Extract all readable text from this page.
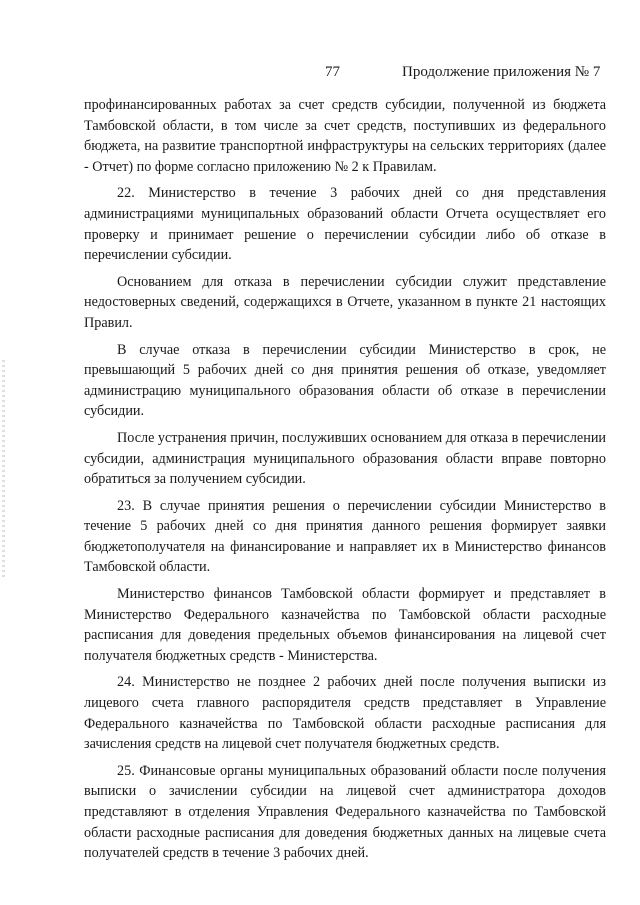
77	Продолжение приложения № 7

профинансированных работах за счет средств субсидии, полученной из бюджета Тамбовской области, в том числе за счет средств, поступивших из федерального бюджета, на развитие транспортной инфраструктуры на сельских территориях (далее - Отчет) по форме согласно приложению № 2 к Правилам.

22. Министерство в течение 3 рабочих дней со дня представления администрациями муниципальных образований области Отчета осуществляет его проверку и принимает решение о перечислении субсидии либо об отказе в перечислении субсидии.

Основанием для отказа в перечислении субсидии служит представление недостоверных сведений, содержащихся в Отчете, указанном в пункте 21 настоящих Правил.

В случае отказа в перечислении субсидии Министерство в срок, не превышающий 5 рабочих дней со дня принятия решения об отказе, уведомляет администрацию муниципального образования области об отказе в перечислении субсидии.

После устранения причин, послуживших основанием для отказа в перечислении субсидии, администрация муниципального образования области вправе повторно обратиться за получением субсидии.

23. В случае принятия решения о перечислении субсидии Министерство в течение 5 рабочих дней со дня принятия данного решения формирует заявки бюджетополучателя на финансирование и направляет их в Министерство финансов Тамбовской области.

Министерство финансов Тамбовской области формирует и представляет в Министерство Федерального казначейства по Тамбовской области расходные расписания для доведения предельных объемов финансирования на лицевой счет получателя бюджетных средств - Министерства.

24. Министерство не позднее 2 рабочих дней после получения выписки из лицевого счета главного распорядителя средств представляет в Управление Федерального казначейства по Тамбовской области расходные расписания для зачисления средств на лицевой счет получателя бюджетных средств.

25. Финансовые органы муниципальных образований области после получения выписки о зачислении субсидии на лицевой счет администратора доходов представляют в отделения Управления Федерального казначейства по Тамбовской области расходные расписания для доведения бюджетных данных на лицевые счета получателей средств в течение 3 рабочих дней.
